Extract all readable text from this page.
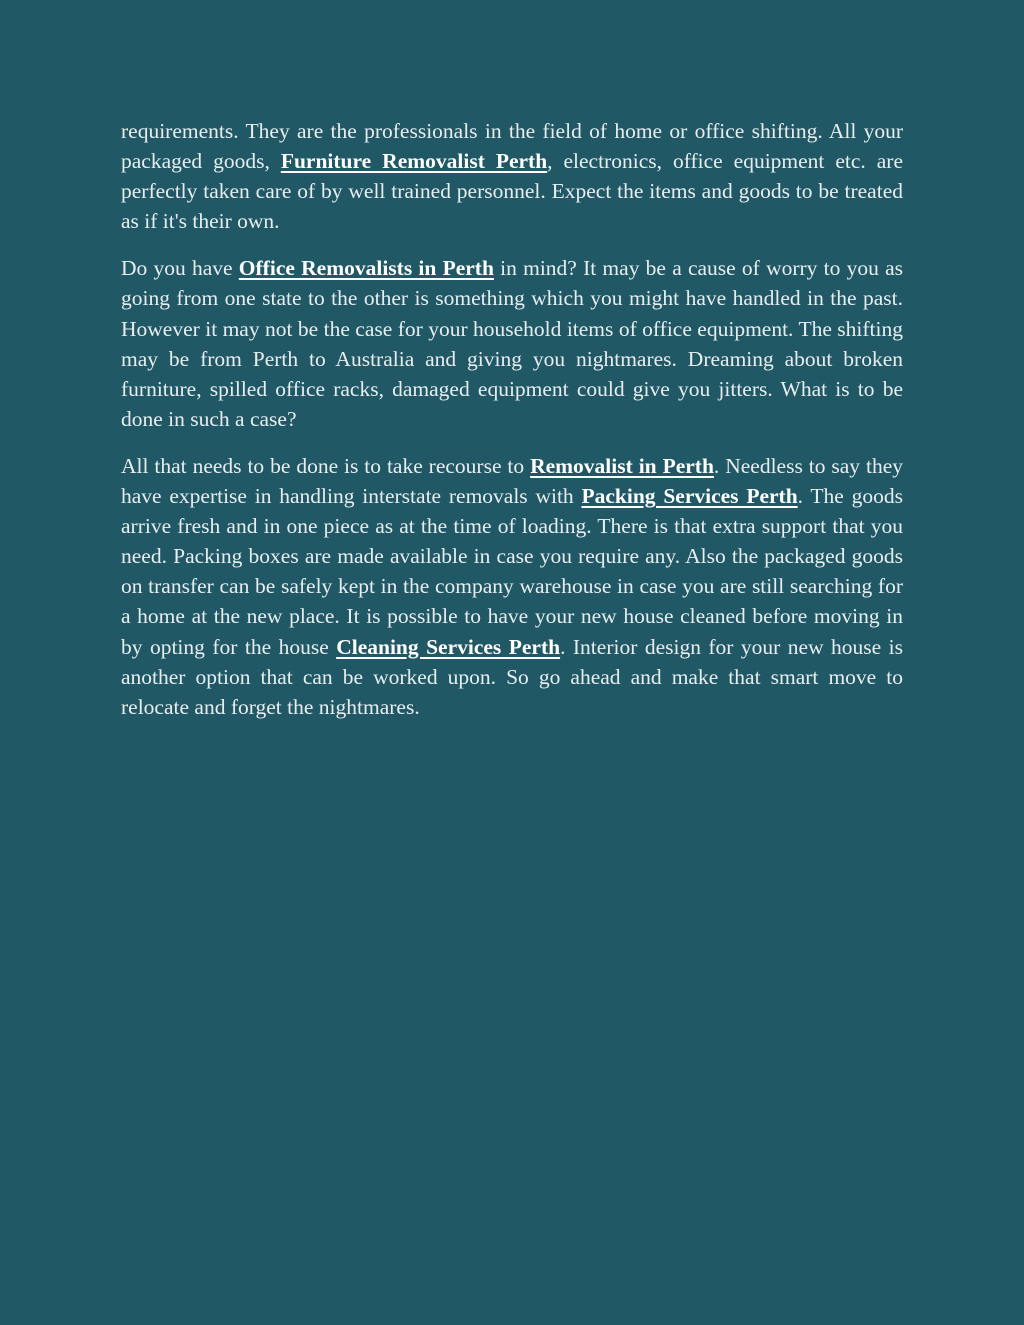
requirements. They are the professionals in the field of home or office shifting. All your packaged goods, Furniture Removalist Perth, electronics, office equipment etc. are perfectly taken care of by well trained personnel. Expect the items and goods to be treated as if it's their own.

Do you have Office Removalists in Perth in mind? It may be a cause of worry to you as going from one state to the other is something which you might have handled in the past. However it may not be the case for your household items of office equipment. The shifting may be from Perth to Australia and giving you nightmares. Dreaming about broken furniture, spilled office racks, damaged equipment could give you jitters. What is to be done in such a case?

All that needs to be done is to take recourse to Removalist in Perth. Needless to say they have expertise in handling interstate removals with Packing Services Perth. The goods arrive fresh and in one piece as at the time of loading. There is that extra support that you need. Packing boxes are made available in case you require any. Also the packaged goods on transfer can be safely kept in the company warehouse in case you are still searching for a home at the new place. It is possible to have your new house cleaned before moving in by opting for the house Cleaning Services Perth. Interior design for your new house is another option that can be worked upon. So go ahead and make that smart move to relocate and forget the nightmares.
